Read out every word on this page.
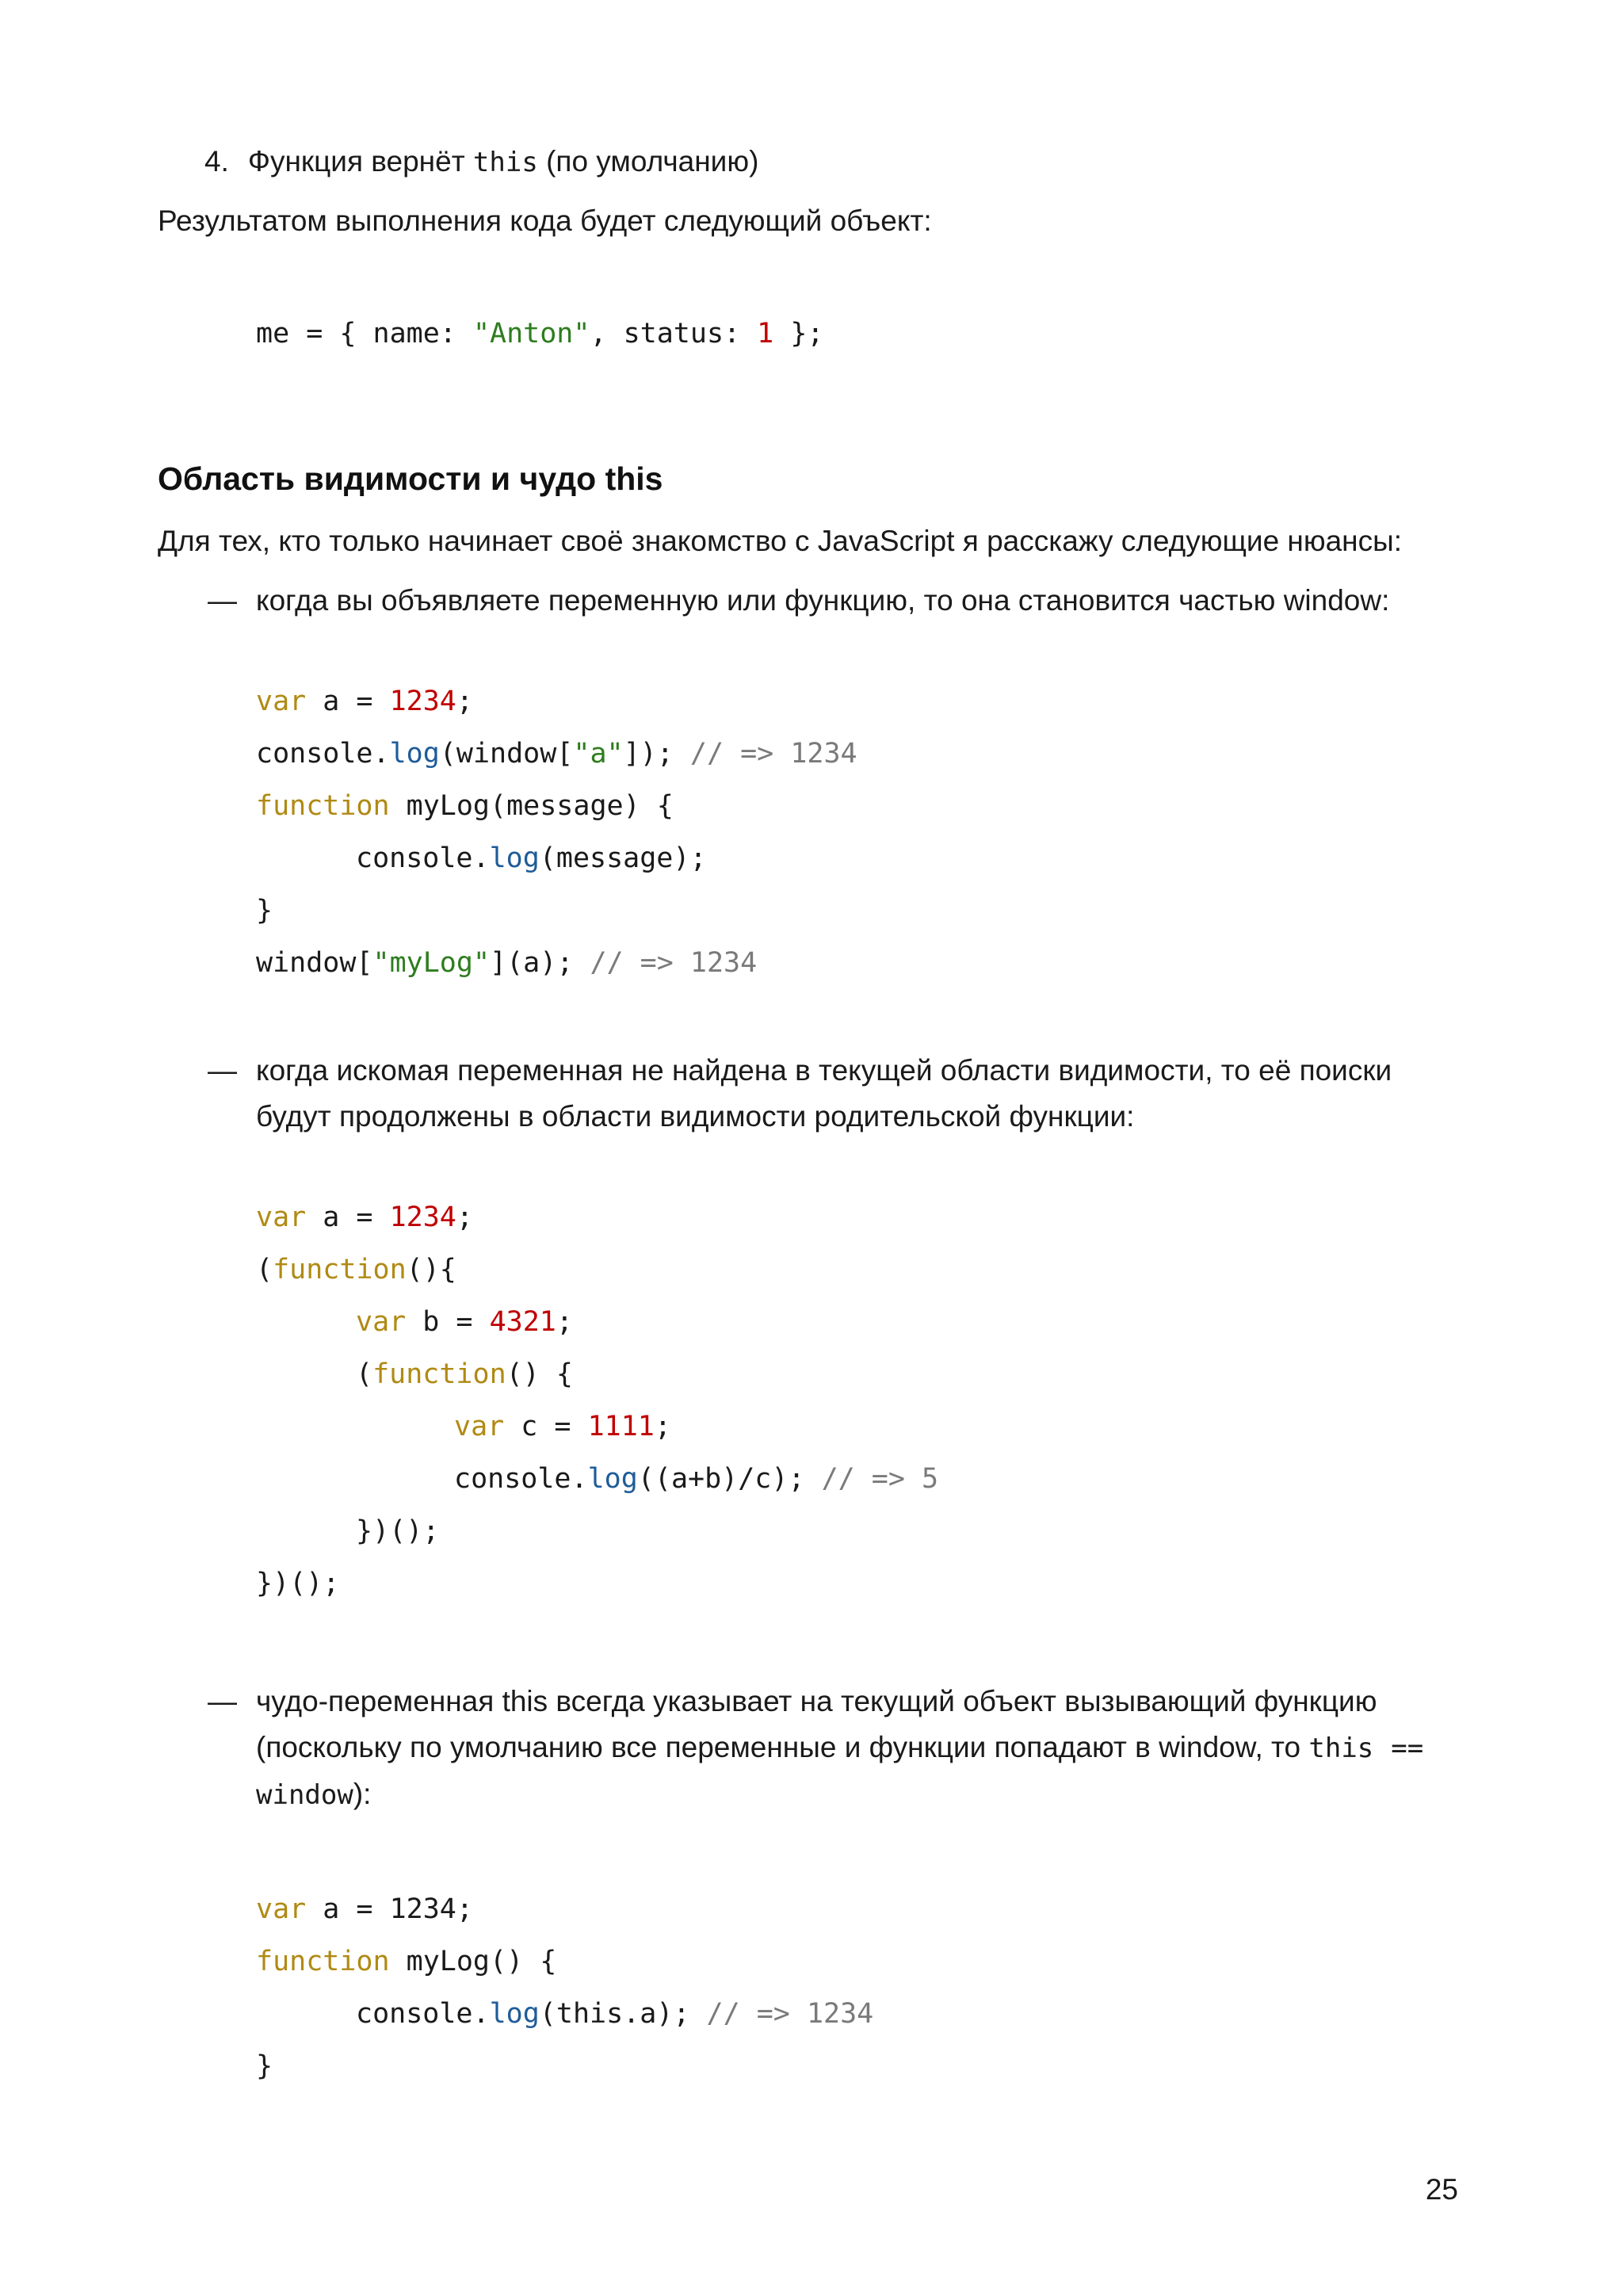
4. Функция вернёт this (по умолчанию)
Результатом выполнения кода будет следующий объект:
me = { name: "Anton", status: 1 };
Область видимости и чудо this
Для тех, кто только начинает своё знакомство с JavaScript я расскажу следующие нюансы:
— когда вы объявляете переменную или функцию, то она становится частью window:
var a = 1234;
console.log(window["a"]); // => 1234
function myLog(message) {
console.log(message);
}
window["myLog"](a); // => 1234
— когда искомая переменная не найдена в текущей области видимости, то её поиски
будут продолжены в области видимости родительской функции:
var a = 1234;
(function(){
var b = 4321;
(function() {
var c = 1111;
console.log((a+b)/c); // => 5
})();
})();
— чудо-переменная this всегда указывает на текущий объект вызывающий функцию
(поскольку по умолчанию все переменные и функции попадают в window, то this ==
window):
var a = 1234;
function myLog() {
console.log(this.a); // => 1234
}
25
